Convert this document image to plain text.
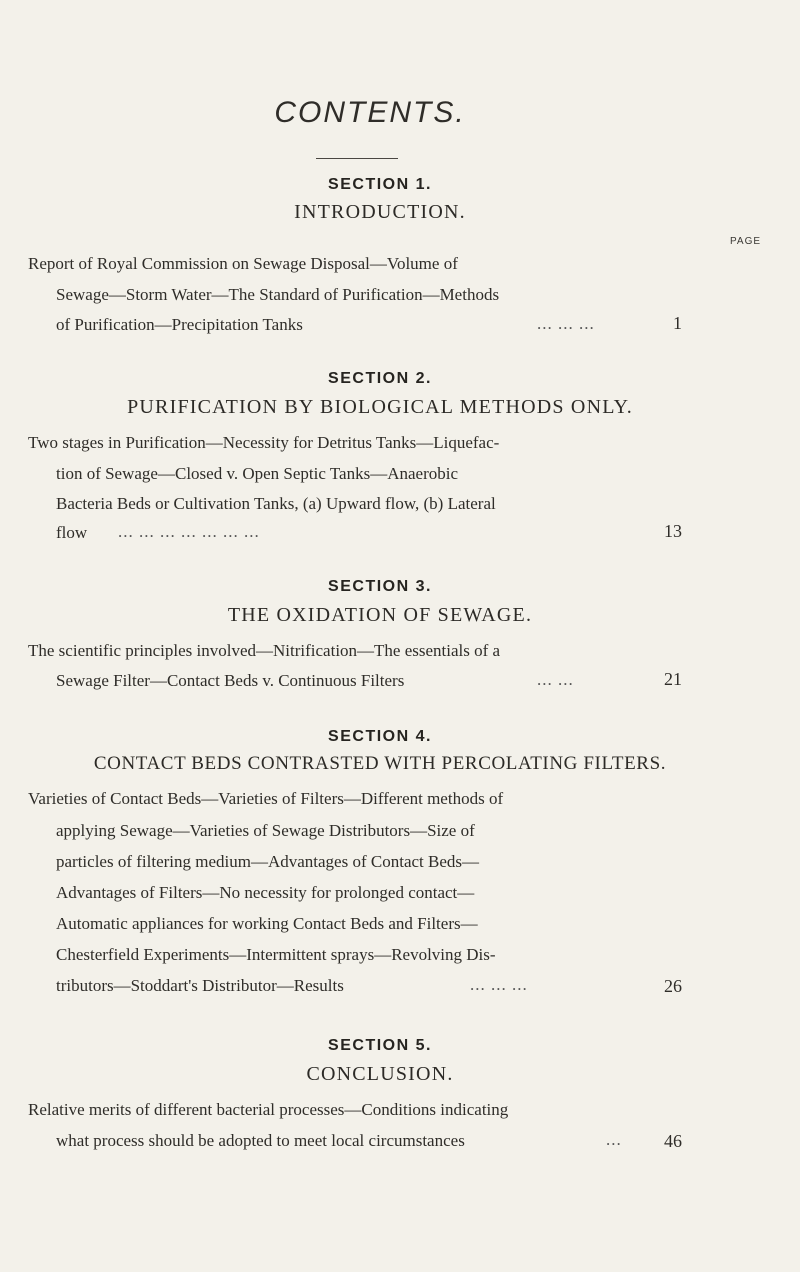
CONTENTS.
PAGE
SECTION 1.
INTRODUCTION.
Report of Royal Commission on Sewage Disposal—Volume of
Sewage—Storm Water—The Standard of Purification—Methods
of Purification—Precipitation Tanks	... ... ...	1
SECTION 2.
PURIFICATION BY BIOLOGICAL METHODS ONLY.
Two stages in Purification—Necessity for Detritus Tanks—Liquefac-
tion of Sewage—Closed v. Open Septic Tanks—Anaerobic
Bacteria Beds or Cultivation Tanks, (a) Upward flow, (b) Lateral
flow ... ... ... ... ... ... ...	13
SECTION 3.
THE OXIDATION OF SEWAGE.
The scientific principles involved—Nitrification—The essentials of a
Sewage Filter—Contact Beds v. Continuous Filters	... ...	21
SECTION 4.
CONTACT BEDS CONTRASTED WITH PERCOLATING FILTERS.
Varieties of Contact Beds—Varieties of Filters—Different methods of
applying Sewage—Varieties of Sewage Distributors—Size of
particles of filtering medium—Advantages of Contact Beds—
Advantages of Filters—No necessity for prolonged contact—
Automatic appliances for working Contact Beds and Filters—
Chesterfield Experiments—Intermittent sprays—Revolving Dis-
tributors—Stoddart's Distributor—Results	... ... ...	26
SECTION 5.
CONCLUSION.
Relative merits of different bacterial processes—Conditions indicating
what process should be adopted to meet local circumstances	...	46
